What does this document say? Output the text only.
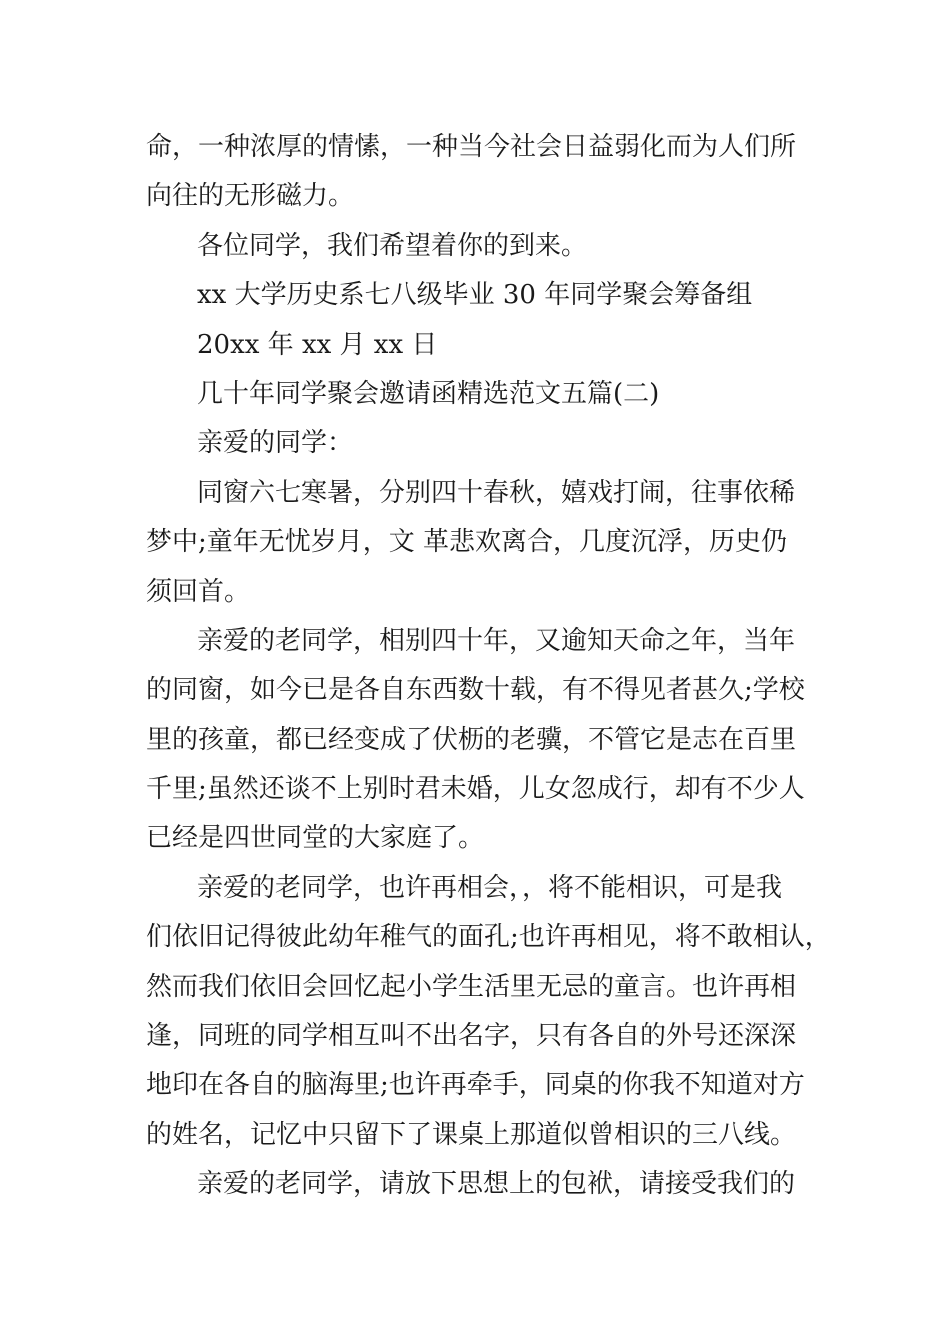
命，一种浓厚的情愫，一种当今社会日益弱化而为人们所
向往的无形磁力。
各位同学，我们希望着你的到来。
xx 大学历史系七八级毕业 30 年同学聚会筹备组
20xx 年 xx 月 xx 日
几十年同学聚会邀请函精选范文五篇(二)
亲爱的同学：
同窗六七寒暑，分别四十春秋，嬉戏打闹，往事依稀
梦中;童年无忧岁月，文 革悲欢离合，几度沉浮，历史仍
须回首。
亲爱的老同学，相别四十年，又逾知天命之年，当年
的同窗，如今已是各自东西数十载，有不得见者甚久;学校
里的孩童，都已经变成了伏枥的老骥，不管它是志在百里
千里;虽然还谈不上别时君未婚，儿女忽成行，却有不少人
已经是四世同堂的大家庭了。
亲爱的老同学，也许再相会，，将不能相识，可是我
们依旧记得彼此幼年稚气的面孔;也许再相见，将不敢相认，
然而我们依旧会回忆起小学生活里无忌的童言。也许再相
逢，同班的同学相互叫不出名字，只有各自的外号还深深
地印在各自的脑海里;也许再牵手，同桌的你我不知道对方
的姓名，记忆中只留下了课桌上那道似曾相识的三八线。
亲爱的老同学，请放下思想上的包袱，请接受我们的
